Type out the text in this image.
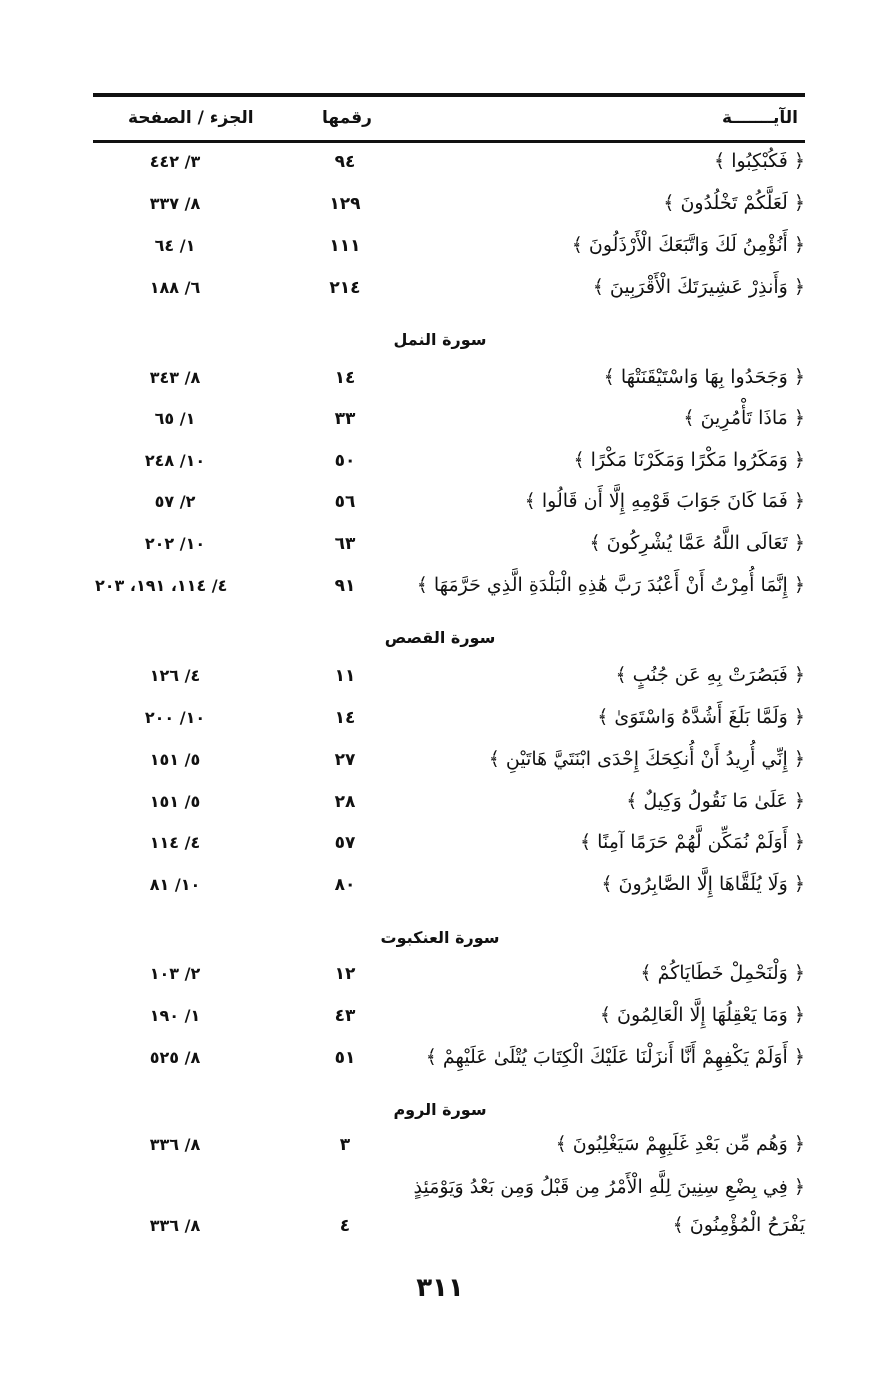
الآيـــــــة
رقمها
الجزء / الصفحة
﴿ فَكُبْكِبُوا ﴾
٩٤
٣/ ٤٤٢
﴿ لَعَلَّكُمْ تَخْلُدُونَ ﴾
١٢٩
٨/ ٣٣٧
﴿ أَنُؤْمِنُ لَكَ وَاتَّبَعَكَ الْأَرْذَلُونَ ﴾
١١١
١/ ٦٤
﴿ وَأَنذِرْ عَشِيرَتَكَ الْأَقْرَبِينَ ﴾
٢١٤
٦/ ١٨٨
سورة النمل
﴿ وَجَحَدُوا بِهَا وَاسْتَيْقَنَتْهَا ﴾
١٤
٨/ ٣٤٣
﴿ مَاذَا تَأْمُرِينَ ﴾
٣٣
١/ ٦٥
﴿ وَمَكَرُوا مَكْرًا وَمَكَرْنَا مَكْرًا ﴾
٥٠
١٠/ ٢٤٨
﴿ فَمَا كَانَ جَوَابَ قَوْمِهِ إِلَّا أَن قَالُوا ﴾
٥٦
٢/ ٥٧
﴿ تَعَالَى اللَّهُ عَمَّا يُشْرِكُونَ ﴾
٦٣
١٠/ ٢٠٢
﴿ إِنَّمَا أُمِرْتُ أَنْ أَعْبُدَ رَبَّ هَٰذِهِ الْبَلْدَةِ الَّذِي حَرَّمَهَا ﴾
٩١
٤/ ١١٤، ١٩١، ٢٠٣
سورة القصص
﴿ فَبَصُرَتْ بِهِ عَن جُنُبٍ ﴾
١١
٤/ ١٢٦
﴿ وَلَمَّا بَلَغَ أَشُدَّهُ وَاسْتَوَىٰ ﴾
١٤
١٠/ ٢٠٠
﴿ إِنِّي أُرِيدُ أَنْ أُنكِحَكَ إِحْدَى ابْنَتَيَّ هَاتَيْنِ ﴾
٢٧
٥/ ١٥١
﴿ عَلَىٰ مَا نَقُولُ وَكِيلٌ ﴾
٢٨
٥/ ١٥١
﴿ أَوَلَمْ نُمَكِّن لَّهُمْ حَرَمًا آمِنًا ﴾
٥٧
٤/ ١١٤
﴿ وَلَا يُلَقَّاهَا إِلَّا الصَّابِرُونَ ﴾
٨٠
١٠/ ٨١
سورة العنكبوت
﴿ وَلْنَحْمِلْ خَطَايَاكُمْ ﴾
١٢
٢/ ١٠٣
﴿ وَمَا يَعْقِلُهَا إِلَّا الْعَالِمُونَ ﴾
٤٣
١/ ١٩٠
﴿ أَوَلَمْ يَكْفِهِمْ أَنَّا أَنزَلْنَا عَلَيْكَ الْكِتَابَ يُتْلَىٰ عَلَيْهِمْ ﴾
٥١
٨/ ٥٢٥
سورة الروم
﴿ وَهُم مِّن بَعْدِ غَلَبِهِمْ سَيَغْلِبُونَ ﴾
٣
٨/ ٣٣٦
﴿ فِي بِضْعِ سِنِينَ لِلَّهِ الْأَمْرُ مِن قَبْلُ وَمِن بَعْدُ وَيَوْمَئِذٍ
يَفْرَحُ الْمُؤْمِنُونَ ﴾
٤
٨/ ٣٣٦
٣١١
